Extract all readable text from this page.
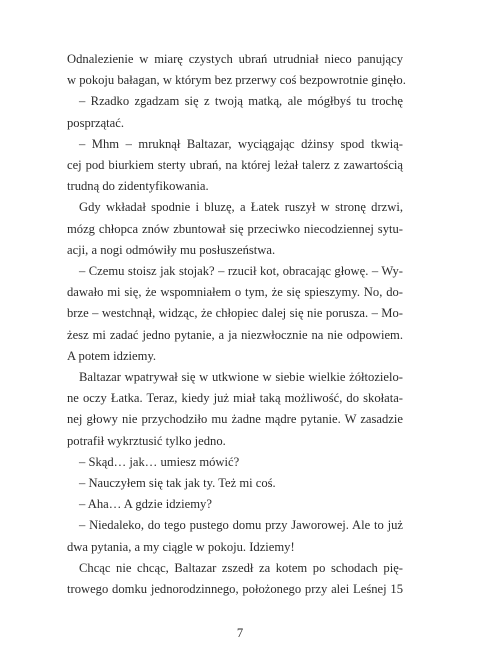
Odnalezienie w miarę czystych ubrań utrudniał nieco panujący
w pokoju bałagan, w którym bez przerwy coś bezpowrotnie ginęło.
– Rzadko zgadzam się z twoją matką, ale mógłbyś tu trochę
posprzątać.
– Mhm – mruknął Baltazar, wyciągając dżinsy spod tkwią-
cej pod biurkiem sterty ubrań, na której leżał talerz z zawartością
trudną do zidentyfikowania.
Gdy wkładał spodnie i bluzę, a Łatek ruszył w stronę drzwi,
mózg chłopca znów zbuntował się przeciwko niecodziennej sytu-
acji, a nogi odmówiły mu posłuszeństwa.
– Czemu stoisz jak stojak? – rzucił kot, obracając głowę. – Wy-
dawało mi się, że wspomniałem o tym, że się spieszymy. No, do-
brze – westchnął, widząc, że chłopiec dalej się nie porusza. – Mo-
żesz mi zadać jedno pytanie, a ja niezwłocznie na nie odpowiem.
A potem idziemy.
Baltazar wpatrywał się w utkwione w siebie wielkie żółtozielo-
ne oczy Łatka. Teraz, kiedy już miał taką możliwość, do skołata-
nej głowy nie przychodziło mu żadne mądre pytanie. W zasadzie
potrafił wykrztusić tylko jedno.
– Skąd… jak… umiesz mówić?
– Nauczyłem się tak jak ty. Też mi coś.
– Aha… A gdzie idziemy?
– Niedaleko, do tego pustego domu przy Jaworowej. Ale to już
dwa pytania, a my ciągle w pokoju. Idziemy!
Chcąc nie chcąc, Baltazar zszedł za kotem po schodach pię-
trowego domku jednorodzinnego, położonego przy alei Leśnej 15
7
